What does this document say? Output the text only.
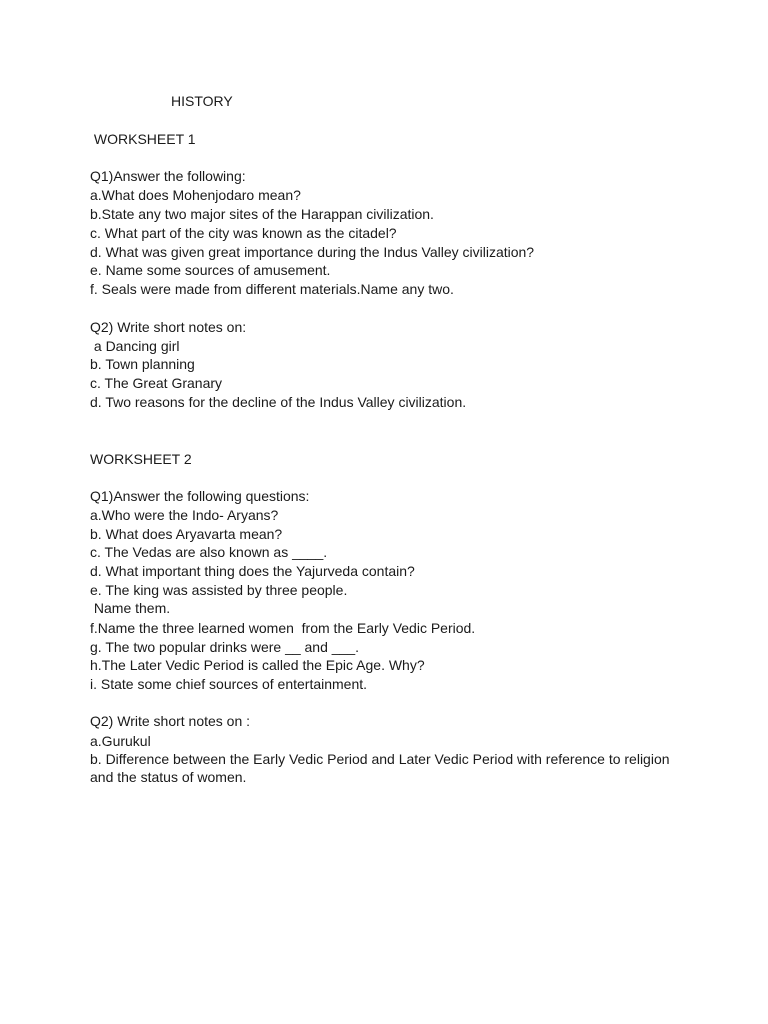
HISTORY
WORKSHEET 1
Q1)Answer the following:
a.What does Mohenjodaro mean?
b.State any two major sites of the Harappan civilization.
c. What part of the city was known as the citadel?
d. What was given great importance during the Indus Valley civilization?
e. Name some sources of amusement.
f. Seals were made from different materials.Name any two.
Q2) Write short notes on:
a Dancing girl
b. Town planning
c. The Great Granary
d. Two reasons for the decline of the Indus Valley civilization.
WORKSHEET 2
Q1)Answer the following questions:
a.Who were the Indo- Aryans?
b. What does Aryavarta mean?
c. The Vedas are also known as ____.
d. What important thing does the Yajurveda contain?
e. The king was assisted by three people.
Name them.
f.Name the three learned women  from the Early Vedic Period.
g. The two popular drinks were __ and ___.
h.The Later Vedic Period is called the Epic Age. Why?
i. State some chief sources of entertainment.
Q2) Write short notes on :
a.Gurukul
b. Difference between the Early Vedic Period and Later Vedic Period with reference to religion and the status of women.
